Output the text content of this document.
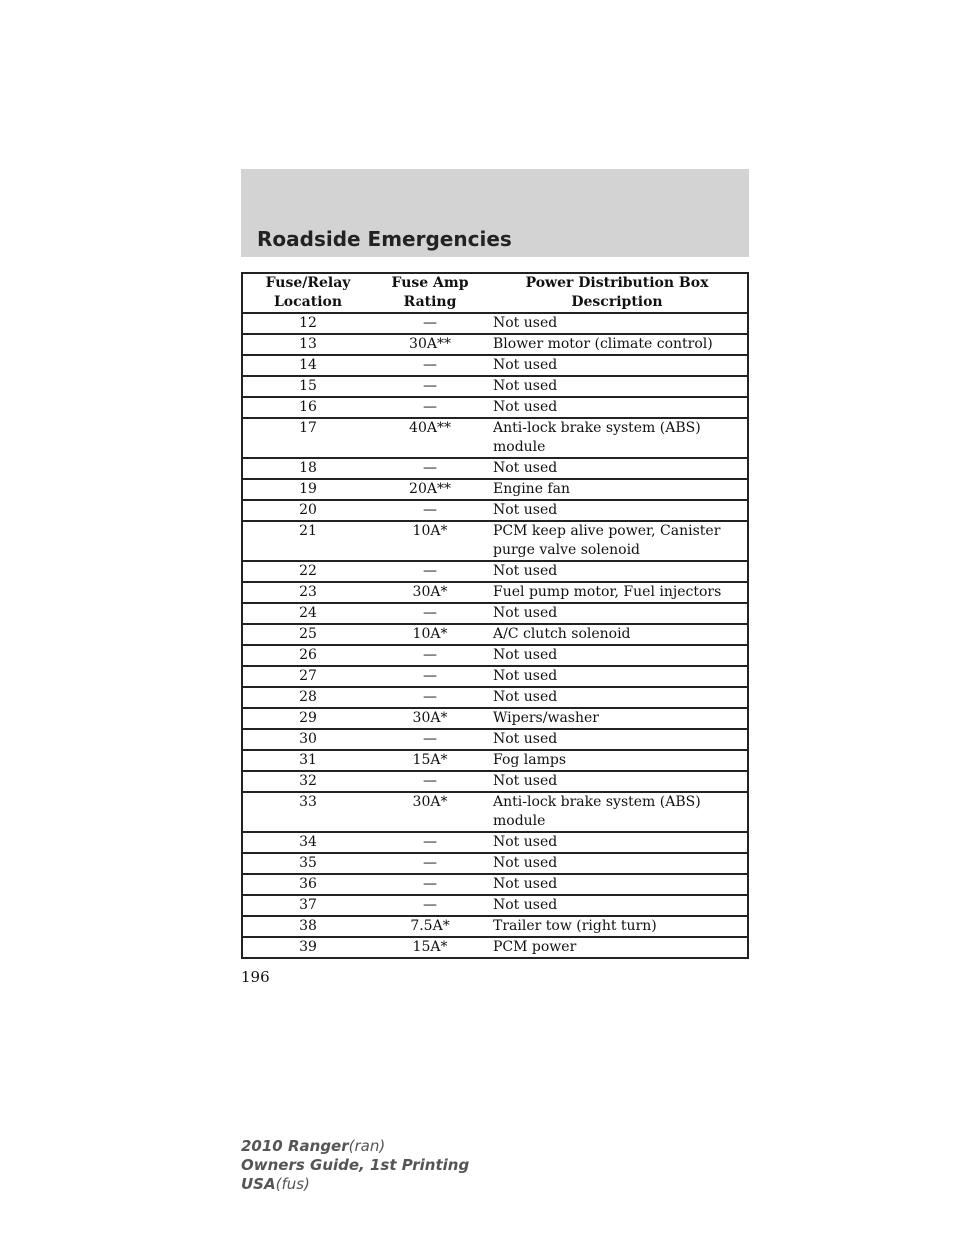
Roadside Emergencies
Fuse/Relay Location	Fuse Amp Rating	Power Distribution Box Description
12	—	Not used
13	30A**	Blower motor (climate control)
14	—	Not used
15	—	Not used
16	—	Not used
17	40A**	Anti-lock brake system (ABS) module
18	—	Not used
19	20A**	Engine fan
20	—	Not used
21	10A*	PCM keep alive power, Canister purge valve solenoid
22	—	Not used
23	30A*	Fuel pump motor, Fuel injectors
24	—	Not used
25	10A*	A/C clutch solenoid
26	—	Not used
27	—	Not used
28	—	Not used
29	30A*	Wipers/washer
30	—	Not used
31	15A*	Fog lamps
32	—	Not used
33	30A*	Anti-lock brake system (ABS) module
34	—	Not used
35	—	Not used
36	—	Not used
37	—	Not used
38	7.5A*	Trailer tow (right turn)
39	15A*	PCM power
196
2010 Ranger(ran)
Owners Guide, 1st Printing
USA(fus)
